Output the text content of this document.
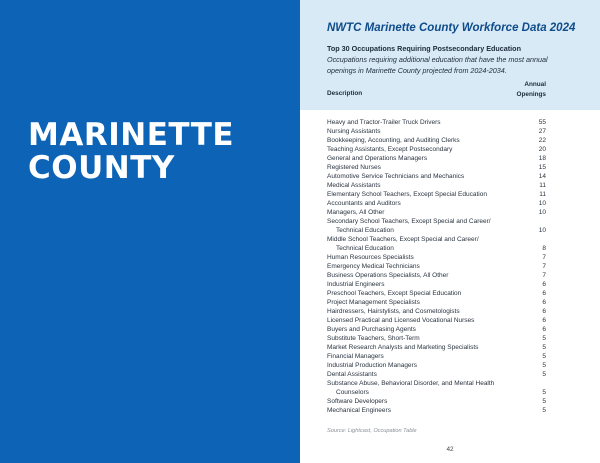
MARINETTE
COUNTY
NWTC Marinette County Workforce Data 2024
Top 30 Occupations Requiring Postsecondary Education
Occupations requiring additional education that have the most annual openings in Marinette County projected from 2024-2034.
Description
Annual
Openings
Heavy and Tractor-Trailer Truck Drivers	55
Nursing Assistants	27
Bookkeeping, Accounting, and Auditing Clerks	22
Teaching Assistants, Except Postsecondary	20
General and Operations Managers	18
Registered Nurses	15
Automotive Service Technicians and Mechanics	14
Medical Assistants	11
Elementary School Teachers, Except Special Education	11
Accountants and Auditors	10
Managers, All Other	10
Secondary School Teachers, Except Special and Career/
Technical Education	10
Middle School Teachers, Except Special and Career/
Technical Education	8
Human Resources Specialists	7
Emergency Medical Technicians	7
Business Operations Specialists, All Other	7
Industrial Engineers	6
Preschool Teachers, Except Special Education	6
Project Management Specialists	6
Hairdressers, Hairstylists, and Cosmetologists	6
Licensed Practical and Licensed Vocational Nurses	6
Buyers and Purchasing Agents	6
Substitute Teachers, Short-Term	5
Market Research Analysts and Marketing Specialists	5
Financial Managers	5
Industrial Production Managers	5
Dental Assistants	5
Substance Abuse, Behavioral Disorder, and Mental Health
Counselors	5
Software Developers	5
Mechanical Engineers	5
Source: Lightcast, Occupation Table
42
